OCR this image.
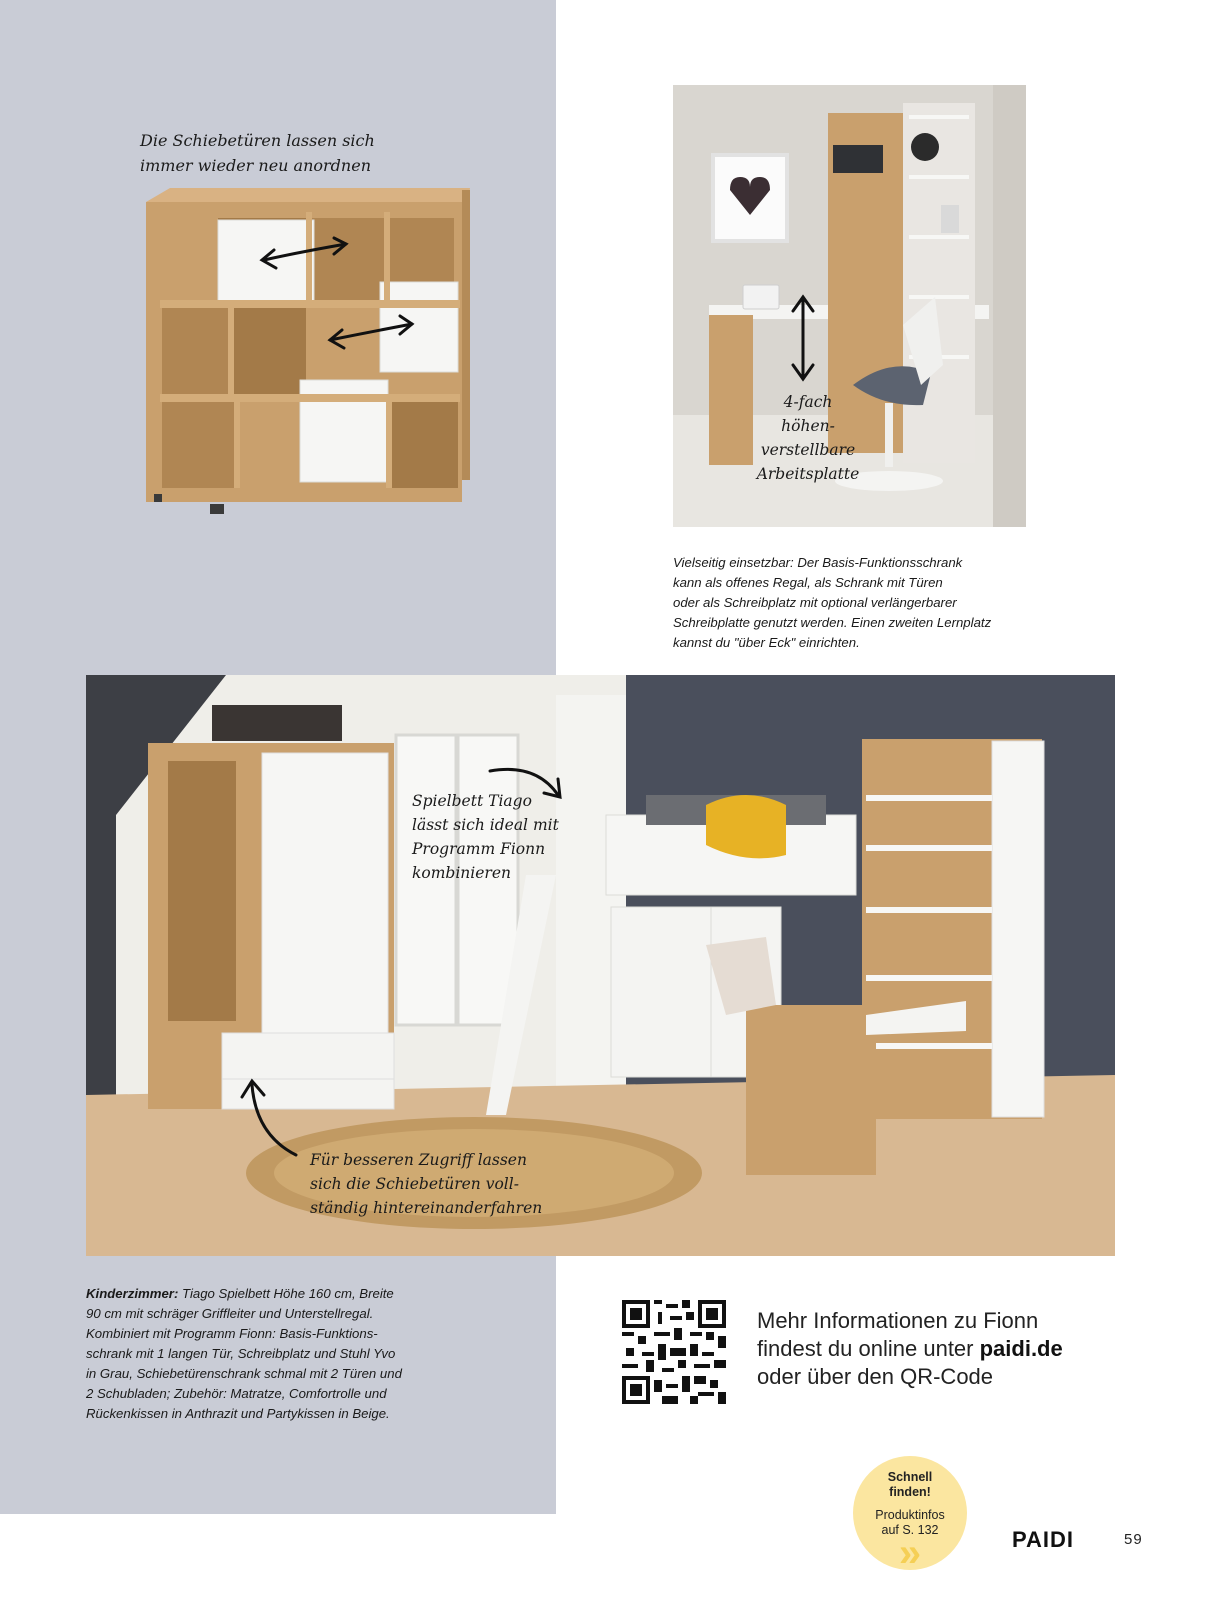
Die Schiebetüren lassen sich
immer wieder neu anordnen
4-fach
höhen-
verstellbare
Arbeitsplatte
Vielseitig einsetzbar: Der Basis-Funktionsschrank
kann als offenes Regal, als Schrank mit Türen
oder als Schreibplatz mit optional verlängerbarer
Schreibplatte genutzt werden. Einen zweiten Lernplatz
kannst du "über Eck" einrichten.
Spielbett Tiago
lässt sich ideal mit
Programm Fionn
kombinieren
Für besseren Zugriff lassen
sich die Schiebetüren voll-
ständig hintereinanderfahren
Kinderzimmer: Tiago Spielbett Höhe 160 cm, Breite
90 cm mit schräger Griffleiter und Unterstellregal.
Kombiniert mit Programm Fionn: Basis-Funktions-
schrank mit 1 langen Tür, Schreibplatz und Stuhl Yvo
in Grau, Schiebetürenschrank schmal mit 2 Türen und
2 Schubladen; Zubehör: Matratze, Comfortrolle und
Rückenkissen in Anthrazit und Partykissen in Beige.
Mehr Informationen zu Fionn
findest du online unter paidi.de
oder über den QR-Code
Schnell
finden!
Produktinfos
auf S. 132
»	PAIDI	59
